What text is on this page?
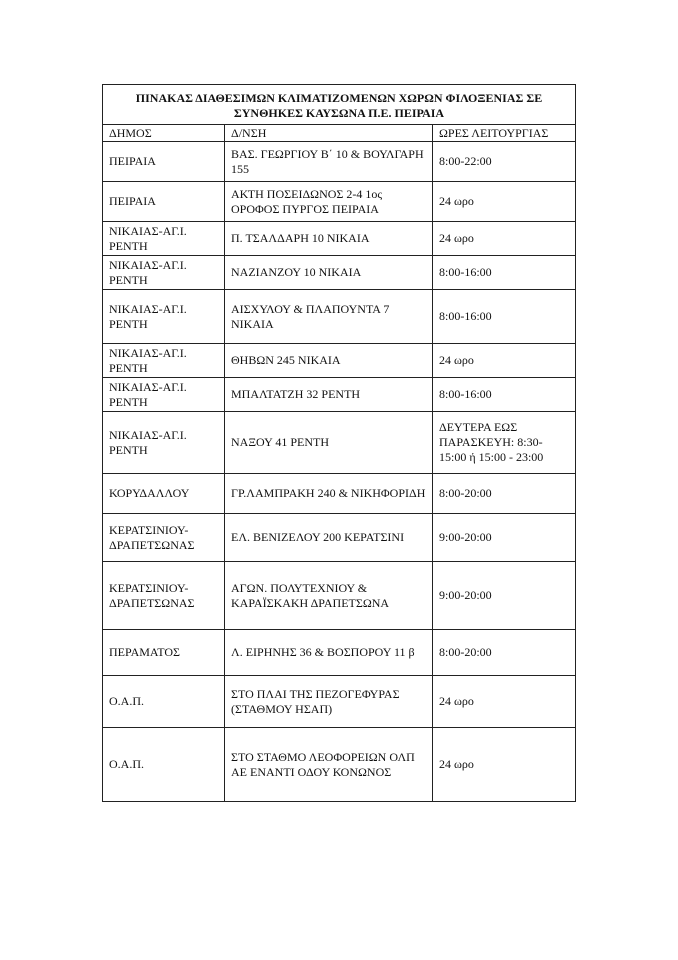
ΠΙΝΑΚΑΣ ΔΙΑΘΕΣΙΜΩΝ ΚΛΙΜΑΤΙΖΟΜΕΝΩΝ ΧΩΡΩΝ ΦΙΛΟΞΕΝΙΑΣ ΣΕ ΣΥΝΘΗΚΕΣ ΚΑΥΣΩΝΑ Π.Ε. ΠΕΙΡΑΙΑ		
ΔΗΜΟΣ	Δ/ΝΣΗ	ΩΡΕΣ ΛΕΙΤΟΥΡΓΙΑΣ
ΠΕΙΡΑΙΑ	ΒΑΣ. ΓΕΩΡΓΙΟΥ Β΄ 10 & ΒΟΥΛΓΑΡΗ 155	8:00-22:00
ΠΕΙΡΑΙΑ	ΑΚΤΗ ΠΟΣΕΙΔΩΝΟΣ 2-4 1ος ΟΡΟΦΟΣ ΠΥΡΓΟΣ ΠΕΙΡΑΙΑ	24 ωρο
ΝΙΚΑΙΑΣ-ΑΓ.Ι. ΡΕΝΤΗ	Π. ΤΣΑΛΔΑΡΗ 10 ΝΙΚΑΙΑ	24 ωρο
ΝΙΚΑΙΑΣ-ΑΓ.Ι. ΡΕΝΤΗ	ΝΑΖΙΑΝΖΟΥ 10 ΝΙΚΑΙΑ	8:00-16:00
ΝΙΚΑΙΑΣ-ΑΓ.Ι. ΡΕΝΤΗ	ΑΙΣΧΥΛΟΥ & ΠΛΑΠΟΥΝΤΑ 7 ΝΙΚΑΙΑ	8:00-16:00
ΝΙΚΑΙΑΣ-ΑΓ.Ι. ΡΕΝΤΗ	ΘΗΒΩΝ 245 ΝΙΚΑΙΑ	24 ωρο
ΝΙΚΑΙΑΣ-ΑΓ.Ι. ΡΕΝΤΗ	ΜΠΑΛΤΑΤΖΗ 32 ΡΕΝΤΗ	8:00-16:00
ΝΙΚΑΙΑΣ-ΑΓ.Ι. ΡΕΝΤΗ	ΝΑΞΟΥ 41 ΡΕΝΤΗ	ΔΕΥΤΕΡΑ ΕΩΣ ΠΑΡΑΣΚΕΥΗ: 8:30-15:00 ή 15:00 - 23:00
ΚΟΡΥΔΑΛΛΟΥ	ΓΡ.ΛΑΜΠΡΑΚΗ 240 & ΝΙΚΗΦΟΡΙΔΗ	8:00-20:00
ΚΕΡΑΤΣΙΝΙΟΥ-ΔΡΑΠΕΤΣΩΝΑΣ	ΕΛ. ΒΕΝΙΖΕΛΟΥ 200 ΚΕΡΑΤΣΙΝΙ	9:00-20:00
ΚΕΡΑΤΣΙΝΙΟΥ-ΔΡΑΠΕΤΣΩΝΑΣ	ΑΓΩΝ. ΠΟΛΥΤΕΧΝΙΟΥ & ΚΑΡΑΪΣΚΑΚΗ ΔΡΑΠΕΤΣΩΝΑ	9:00-20:00
ΠΕΡΑΜΑΤΟΣ	Λ. ΕΙΡΗΝΗΣ 36 & ΒΟΣΠΟΡΟΥ 11 β	8:00-20:00
Ο.Α.Π.	ΣΤΟ ΠΛΑΙ ΤΗΣ ΠΕΖΟΓΕΦΥΡΑΣ (ΣΤΑΘΜΟΥ ΗΣΑΠ)	24 ωρο
Ο.Α.Π.	ΣΤΟ ΣΤΑΘΜΟ ΛΕΟΦΟΡΕΙΩΝ ΟΛΠ ΑΕ ΕΝΑΝΤΙ ΟΔΟΥ ΚΟΝΩΝΟΣ	24 ωρο
